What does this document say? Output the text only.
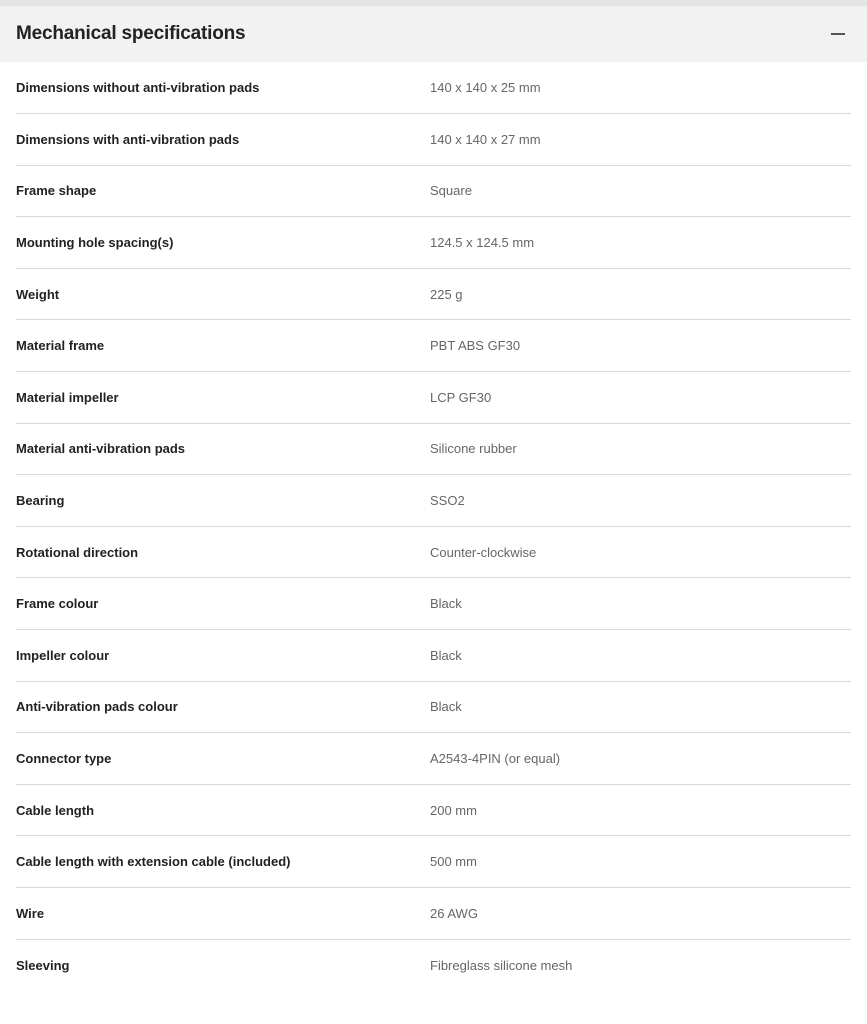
Mechanical specifications
Dimensions without anti-vibration pads	140 x 140 x 25 mm
Dimensions with anti-vibration pads	140 x 140 x 27 mm
Frame shape	Square
Mounting hole spacing(s)	124.5 x 124.5 mm
Weight	225 g
Material frame	PBT ABS GF30
Material impeller	LCP GF30
Material anti-vibration pads	Silicone rubber
Bearing	SSO2
Rotational direction	Counter-clockwise
Frame colour	Black
Impeller colour	Black
Anti-vibration pads colour	Black
Connector type	A2543-4PIN (or equal)
Cable length	200 mm
Cable length with extension cable (included)	500 mm
Wire	26 AWG
Sleeving	Fibreglass silicone mesh
